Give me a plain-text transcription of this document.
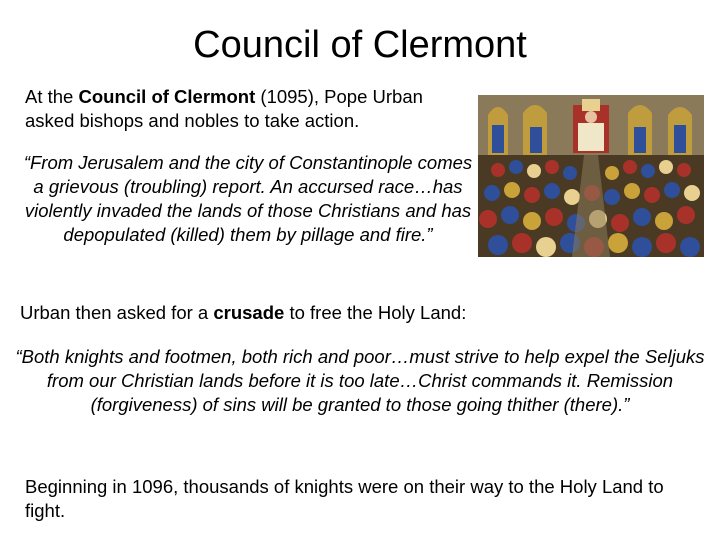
Council of Clermont

At the Council of Clermont (1095), Pope Urban asked bishops and nobles to take action.

“From Jerusalem and the city of Constantinople comes a grievous (troubling) report. An accursed race…has violently invaded the lands of those Christians and has depopulated (killed) them by pillage and fire.”

Urban then asked for a crusade to free the Holy Land:

“Both knights and footmen, both rich and poor…must strive to help expel the Seljuks from our Christian lands before it is too late…Christ commands it. Remission (forgiveness) of sins will be granted to those going thither (there).”

Beginning in 1096, thousands of knights were on their way to the Holy Land to fight.
